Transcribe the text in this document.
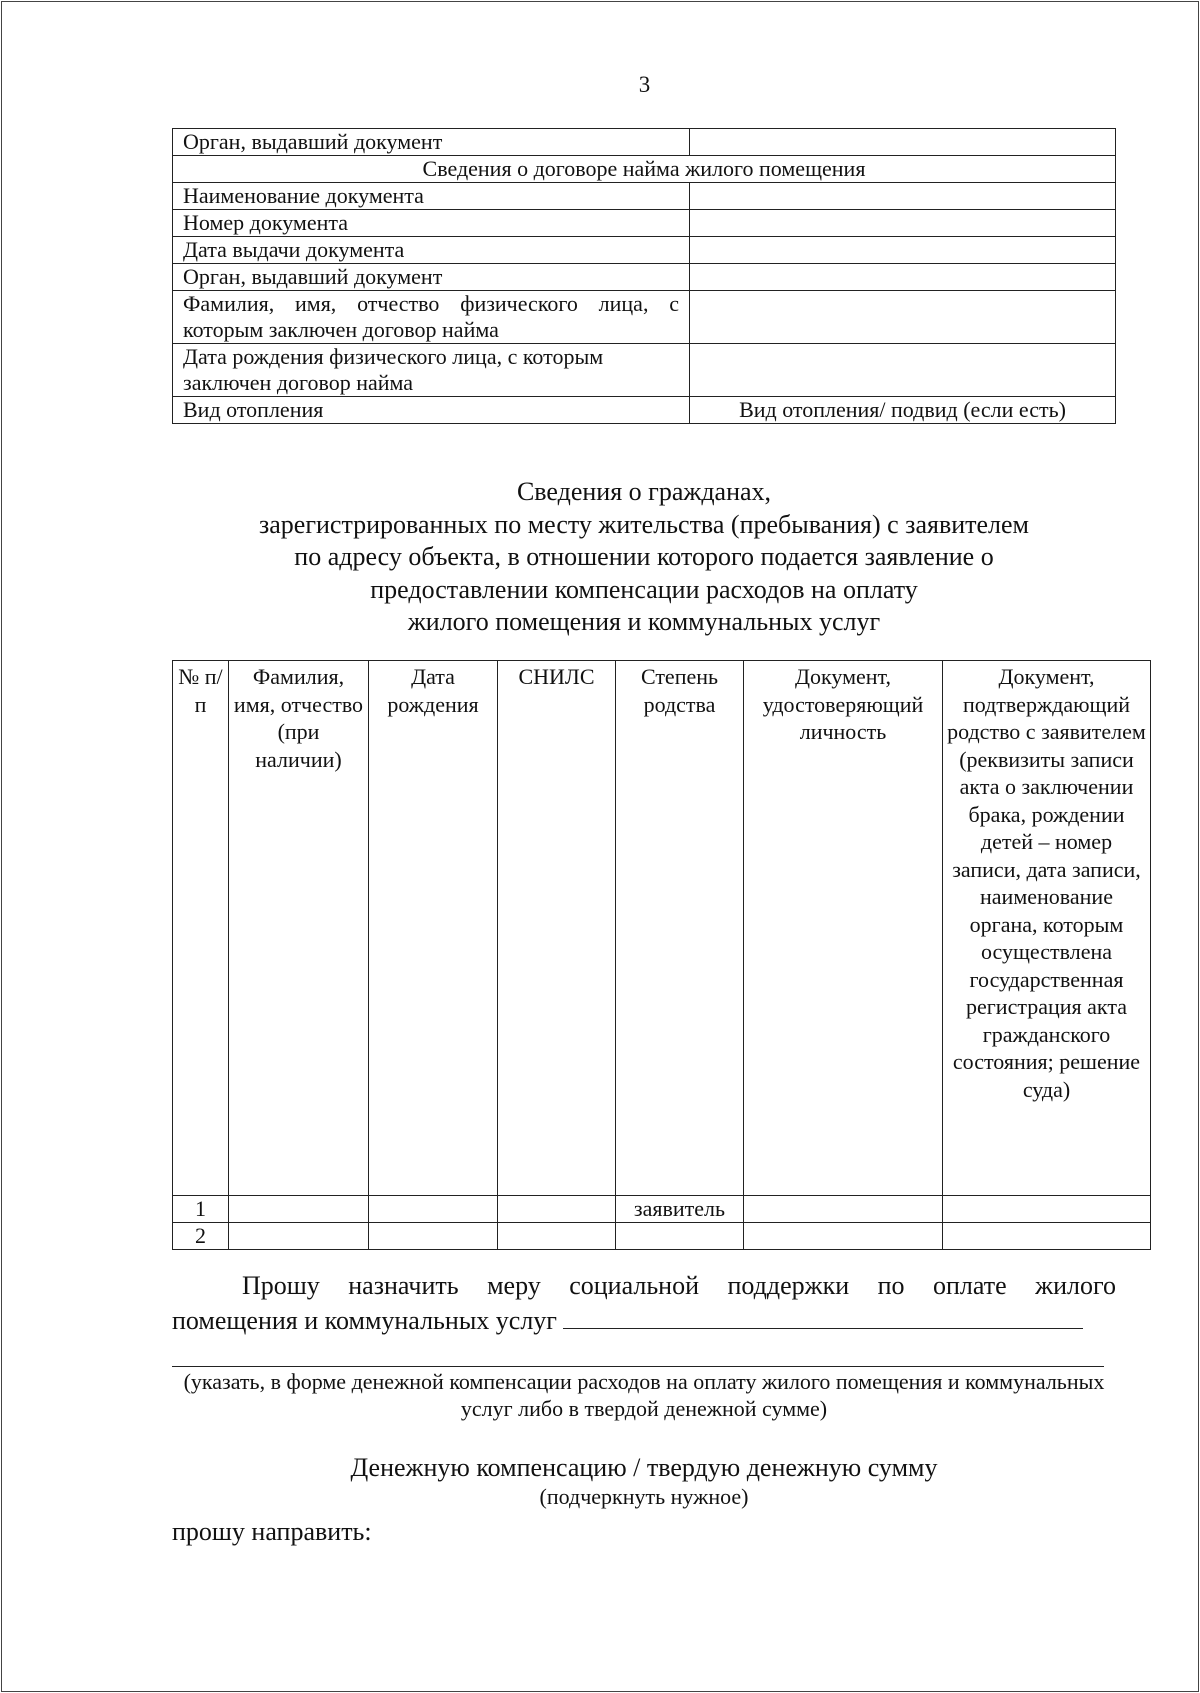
3
Орган, выдавший документ	
Сведения о договоре найма жилого помещения	
Наименование документа	
Номер документа	
Дата выдачи документа	
Орган, выдавший документ	
Фамилия, имя, отчество физического лица, с которым заключен договор найма	
Дата рождения физического лица, с которым заключен договор найма	
Вид отопления	Вид отопления/ подвид (если есть)
Сведения о гражданах,
зарегистрированных по месту жительства (пребывания) с заявителем
по адресу объекта, в отношении которого подается заявление о
предоставлении компенсации расходов на оплату
жилого помещения и коммунальных услуг
№ п/п	Фамилия, имя, отчество (при наличии)	Дата рождения	СНИЛС	Степень родства	Документ, удостоверяющий личность	Документ, подтверждающий родство с заявителем (реквизиты записи акта о заключении брака, рождении детей – номер записи, дата записи, наименование органа, которым осуществлена государственная регистрация акта гражданского состояния; решение суда)
1				заявитель		
2						
Прошу назначить меру социальной поддержки по оплате жилого
помещения и коммунальных услуг
(указать, в форме денежной компенсации расходов на оплату жилого помещения и коммунальных услуг либо в твердой денежной сумме)
Денежную компенсацию / твердую денежную сумму
(подчеркнуть нужное)
прошу направить:
